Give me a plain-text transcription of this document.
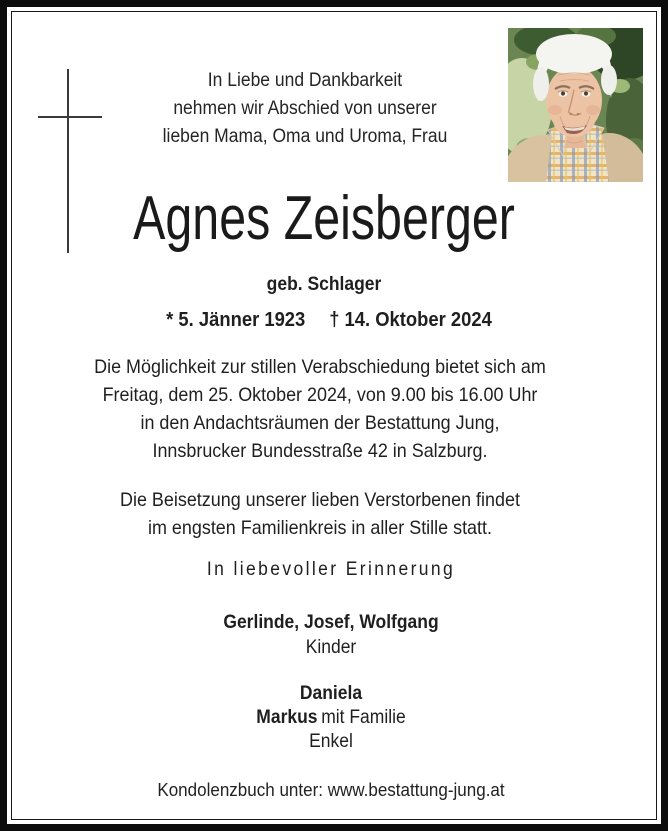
In Liebe und Dankbarkeit
nehmen wir Abschied von unserer
lieben Mama, Oma und Uroma, Frau
Agnes Zeisberger
geb. Schlager
* 5. Jänner 1923 † 14. Oktober 2024
Die Möglichkeit zur stillen Verabschiedung bietet sich am
Freitag, dem 25. Oktober 2024, von 9.00 bis 16.00 Uhr
in den Andachtsräumen der Bestattung Jung,
Innsbrucker Bundesstraße 42 in Salzburg.
Die Beisetzung unserer lieben Verstorbenen findet
im engsten Familienkreis in aller Stille statt.
In liebevoller Erinnerung
Gerlinde, Josef, Wolfgang
Kinder
Daniela
Markus mit Familie
Enkel
Kondolenzbuch unter: www.bestattung-jung.at
